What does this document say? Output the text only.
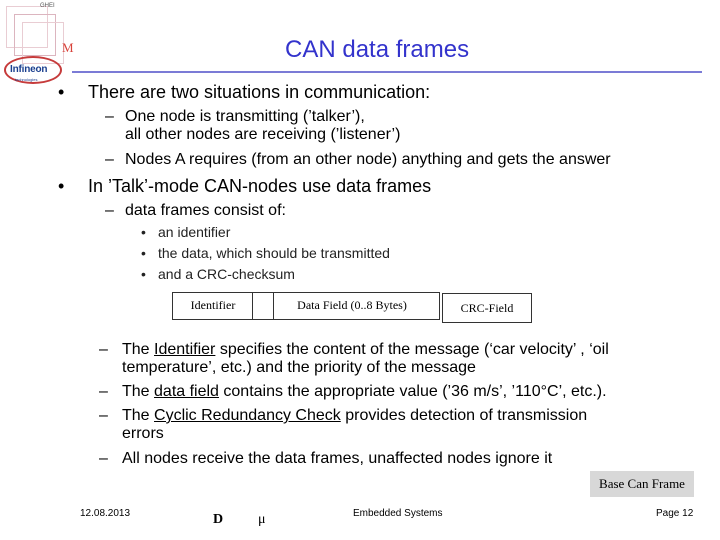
GHEI
M
Infineon
technologies
CAN data frames
• There are two situations in communication:
– One node is transmitting (’talker’),
all other nodes are receiving (’listener’)
– Nodes A requires (from an other node) anything and gets the answer
• In ’Talk’-mode CAN-nodes use data frames
– data frames consist of:
• an identifier
• the data, which should be transmitted
• and a CRC-checksum
Identifier	Data Field (0..8 Bytes)	CRC-Field
– The Identifier specifies the content of the message (‘car velocity’ , ‘oil
temperature’, etc.) and the priority of the message
– The data field contains the appropriate value (’36 m/s’, ’110°C’, etc.).
– The Cyclic Redundancy Check provides detection of transmission
errors
– All nodes receive the data frames, unaffected nodes ignore it
Base Can Frame
12.08.2013	D μ	Embedded Systems	Page 12
